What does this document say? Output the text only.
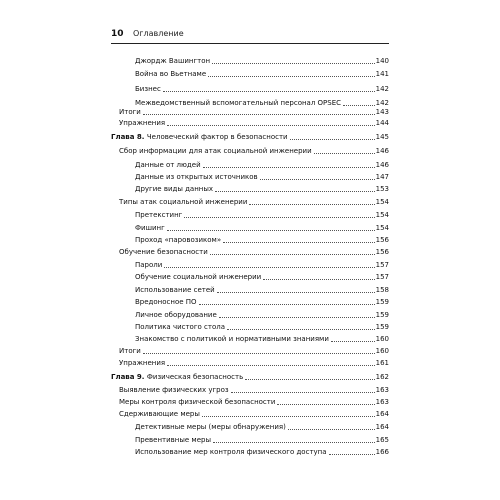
10 Оглавление
Джордж Вашингтон	140
Война во Вьетнаме	141
Бизнес	142
Межведомственный вспомогательный персонал OPSEC	142
Итоги	143
Упражнения	144
Глава 8. Человеческий фактор в безопасности	145
Сбор информации для атак социальной инженерии	146
Данные от людей	146
Данные из открытых источников	147
Другие виды данных	153
Типы атак социальной инженерии	154
Претекстинг	154
Фишинг	154
Проход «паровозиком»	156
Обучение безопасности	156
Пароли	157
Обучение социальной инженерии	157
Использование сетей	158
Вредоносное ПО	159
Личное оборудование	159
Политика чистого стола	159
Знакомство с политикой и нормативными знаниями	160
Итоги	160
Упражнения	161
Глава 9. Физическая безопасность	162
Выявление физических угроз	163
Меры контроля физической безопасности	163
Сдерживающие меры	164
Детективные меры (меры обнаружения)	164
Превентивные меры	165
Использование мер контроля физического доступа	166
